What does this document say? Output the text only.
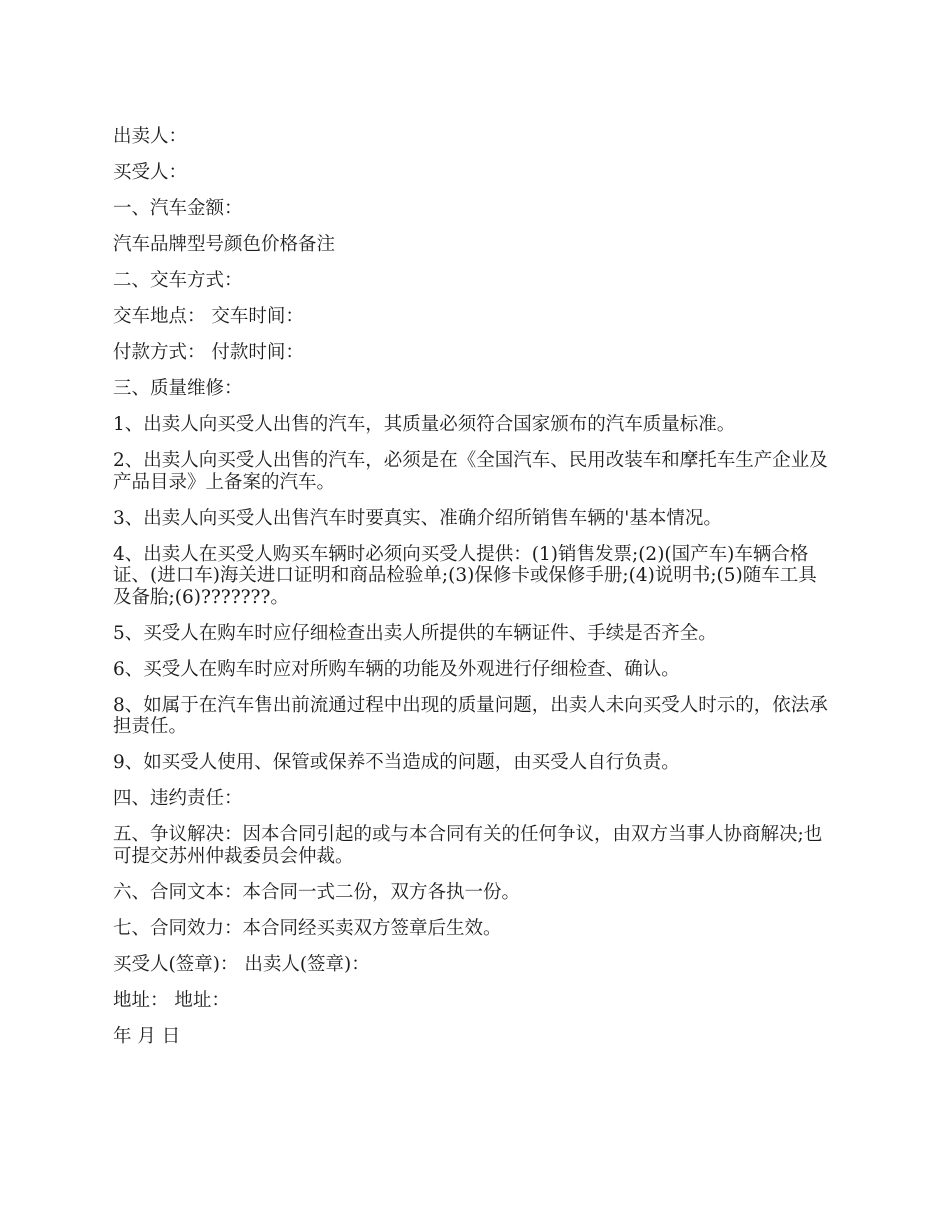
出卖人：

买受人：

一、汽车金额：

汽车品牌型号颜色价格备注

二、交车方式：

交车地点： 交车时间：

付款方式： 付款时间：

三、质量维修：

1、出卖人向买受人出售的汽车，其质量必须符合国家颁布的汽车质量标准。

2、出卖人向买受人出售的汽车，必须是在《全国汽车、民用改装车和摩托车生产企业及产品目录》上备案的汽车。

3、出卖人向买受人出售汽车时要真实、准确介绍所销售车辆的'基本情况。

4、出卖人在买受人购买车辆时必须向买受人提供：(1)销售发票;(2)(国产车)车辆合格证、(进口车)海关进口证明和商品检验单;(3)保修卡或保修手册;(4)说明书;(5)随车工具及备胎;(6)???????。

5、买受人在购车时应仔细检查出卖人所提供的车辆证件、手续是否齐全。

6、买受人在购车时应对所购车辆的功能及外观进行仔细检查、确认。

8、如属于在汽车售出前流通过程中出现的质量问题，出卖人未向买受人时示的，依法承担责任。

9、如买受人使用、保管或保养不当造成的问题，由买受人自行负责。

四、违约责任：

五、争议解决：因本合同引起的或与本合同有关的任何争议，由双方当事人协商解决;也可提交苏州仲裁委员会仲裁。

六、合同文本：本合同一式二份，双方各执一份。

七、合同效力：本合同经买卖双方签章后生效。

买受人(签章)： 出卖人(签章)：

地址： 地址：

年 月 日
